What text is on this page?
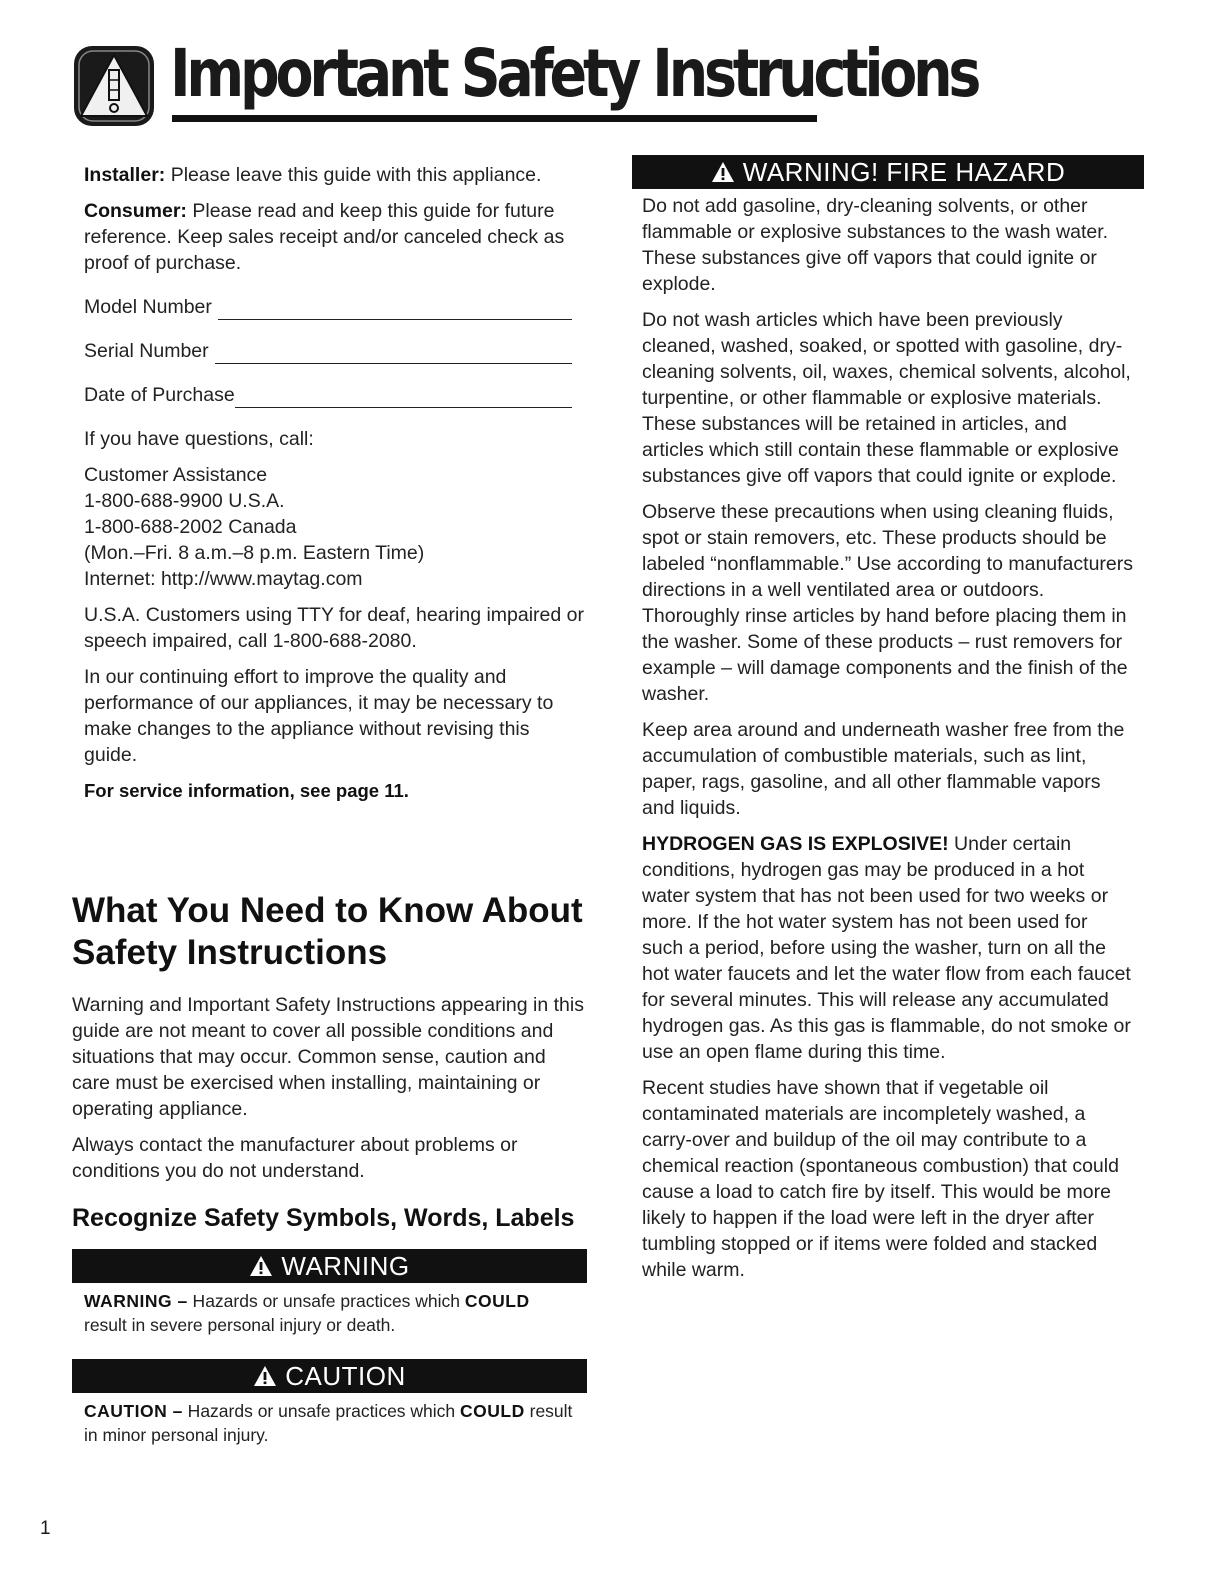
Important Safety Instructions

Installer: Please leave this guide with this appliance.

Consumer: Please read and keep this guide for future reference. Keep sales receipt and/or canceled check as proof of purchase.

Model Number
Serial Number
Date of Purchase

If you have questions, call:

Customer Assistance
1-800-688-9900 U.S.A.
1-800-688-2002 Canada
(Mon.–Fri. 8 a.m.–8 p.m. Eastern Time)
Internet: http://www.maytag.com

U.S.A. Customers using TTY for deaf, hearing impaired or speech impaired, call 1-800-688-2080.

In our continuing effort to improve the quality and performance of our appliances, it may be necessary to make changes to the appliance without revising this guide.

For service information, see page 11.

What You Need to Know About Safety Instructions

Warning and Important Safety Instructions appearing in this guide are not meant to cover all possible conditions and situations that may occur. Common sense, caution and care must be exercised when installing, maintaining or operating appliance.

Always contact the manufacturer about problems or conditions you do not understand.

Recognize Safety Symbols, Words, Labels
WARNING

WARNING – Hazards or unsafe practices which COULD result in severe personal injury or death.

CAUTION

CAUTION – Hazards or unsafe practices which COULD result in minor personal injury.

WARNING! FIRE HAZARD

Do not add gasoline, dry-cleaning solvents, or other flammable or explosive substances to the wash water. These substances give off vapors that could ignite or explode.

Do not wash articles which have been previously cleaned, washed, soaked, or spotted with gasoline, dry-cleaning solvents, oil, waxes, chemical solvents, alcohol, turpentine, or other flammable or explosive materials. These substances will be retained in articles, and articles which still contain these flammable or explosive substances give off vapors that could ignite or explode.

Observe these precautions when using cleaning fluids, spot or stain removers, etc. These products should be labeled “nonflammable.” Use according to manufacturers directions in a well ventilated area or outdoors. Thoroughly rinse articles by hand before placing them in the washer. Some of these products – rust removers for example – will damage components and the finish of the washer.

Keep area around and underneath washer free from the accumulation of combustible materials, such as lint, paper, rags, gasoline, and all other flammable vapors and liquids.

HYDROGEN GAS IS EXPLOSIVE! Under certain conditions, hydrogen gas may be produced in a hot water system that has not been used for two weeks or more. If the hot water system has not been used for such a period, before using the washer, turn on all the hot water faucets and let the water flow from each faucet for several minutes. This will release any accumulated hydrogen gas. As this gas is flammable, do not smoke or use an open flame during this time.

Recent studies have shown that if vegetable oil contaminated materials are incompletely washed, a carry-over and buildup of the oil may contribute to a chemical reaction (spontaneous combustion) that could cause a load to catch fire by itself. This would be more likely to happen if the load were left in the dryer after tumbling stopped or if items were folded and stacked while warm.

1
